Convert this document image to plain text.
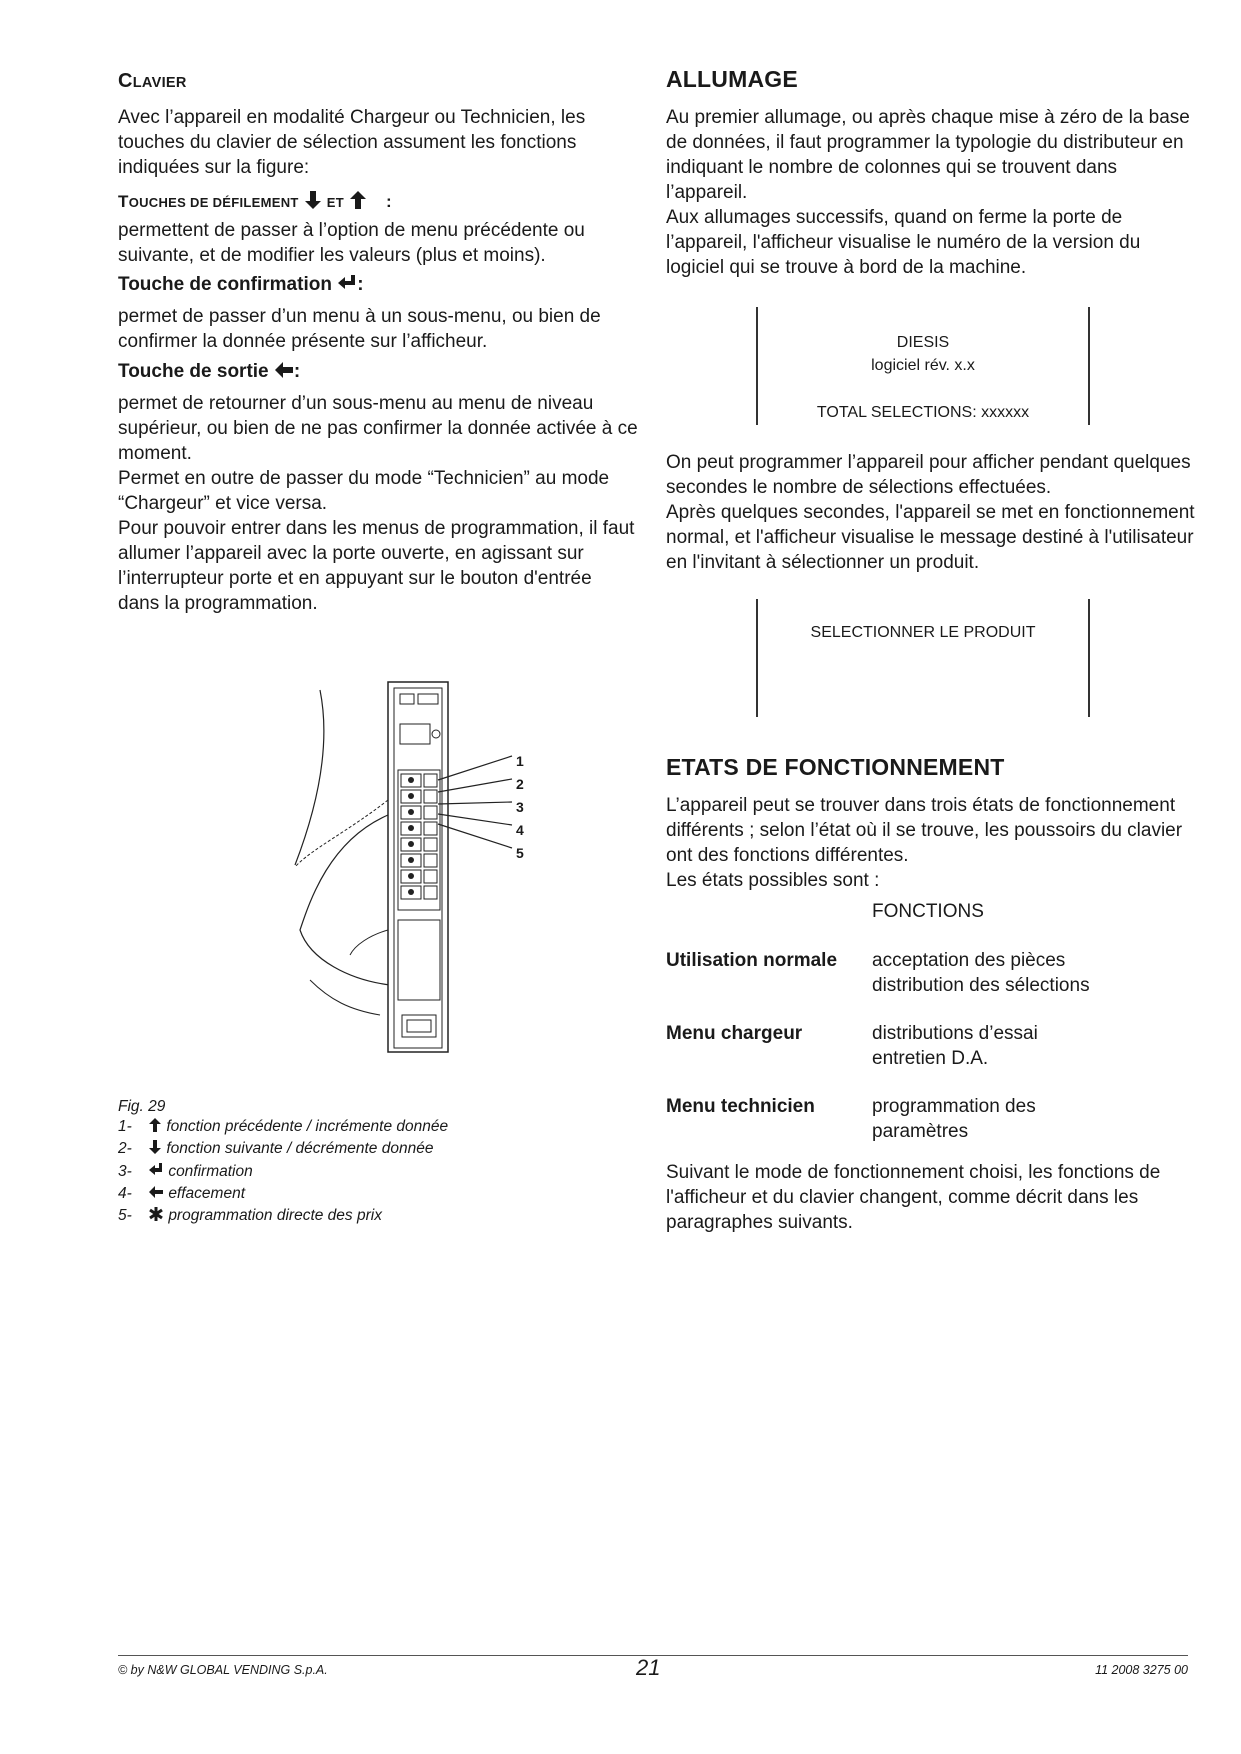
CLAVIER

Avec l’appareil en modalité Chargeur ou Technicien, les touches du clavier de sélection assument les fonctions indiquées sur la figure:

TOUCHES DE DÉFILEMENT ET :

permettent de passer à l’option de menu précédente ou suivante, et de modifier les valeurs (plus et moins).

Touche de confirmation :

permet de passer d’un menu à un sous-menu, ou bien de confirmer la donnée présente sur l’afficheur.

Touche de sortie :

permet de retourner d’un sous-menu au menu de niveau supérieur, ou bien de ne pas confirmer la donnée activée à ce moment.

Permet en outre de passer du mode “Technicien” au mode “Chargeur” et vice versa.

Pour pouvoir entrer dans les menus de programmation, il faut allumer l’appareil avec la porte ouverte, en agissant sur l’interrupteur porte et en appuyant sur le bouton d'entrée dans la programmation.

1
2
3
4
5
Fig. 29
1- fonction précédente / incrémente donnée
2- fonction suivante / décrémente donnée
3- confirmation
4- effacement
5- programmation directe des prix
ALLUMAGE

Au premier allumage, ou après chaque mise à zéro de la base de données, il faut programmer la typologie du distributeur en indiquant le nombre de colonnes qui se trouvent dans l’appareil.

Aux allumages successifs, quand on ferme la porte de l’appareil, l'afficheur visualise le numéro de la version du logiciel qui se trouve à bord de la machine.

DIESIS
logiciel rév. x.x
TOTAL SELECTIONS: xxxxxx

On peut programmer l’appareil pour afficher pendant quelques secondes le nombre de sélections effectuées.

Après quelques secondes, l'appareil se met en fonctionnement normal, et l'afficheur visualise le message destiné à l'utilisateur en l'invitant à sélectionner un produit.

SELECTIONNER LE PRODUIT
ETATS DE FONCTIONNEMENT

L’appareil peut se trouver dans trois états de fonctionnement différents ; selon l’état où il se trouve, les poussoirs du clavier ont des fonctions différentes.

Les états possibles sont :

FONCTIONS

Utilisation normale	acceptation des pièces
distribution des sélections

Menu chargeur	distributions d’essai
entretien D.A.

Menu technicien	programmation des
paramètres

Suivant le mode de fonctionnement choisi, les fonctions de l'afficheur et du clavier changent, comme décrit dans les paragraphes suivants.

© by N&W GLOBAL VENDING S.p.A.	21	11 2008 3275 00
